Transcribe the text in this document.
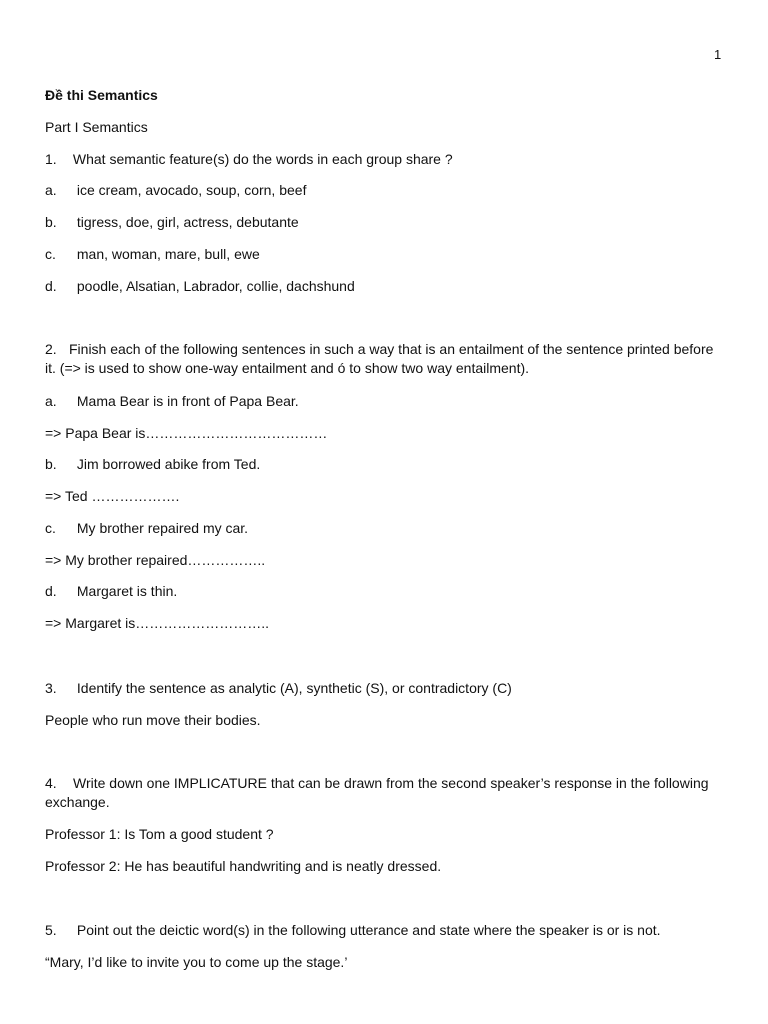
1
Đề thi Semantics
Part I Semantics
1. What semantic feature(s) do the words in each group share ?
a. ice cream, avocado, soup, corn, beef
b. tigress, doe, girl, actress, debutante
c. man, woman, mare, bull, ewe
d. poodle, Alsatian, Labrador, collie, dachshund
2. Finish each of the following sentences in such a way that is an entailment of the sentence printed before it. (=> is used to show one-way entailment and ó to show two way entailment).
a. Mama Bear is in front of Papa Bear.
=> Papa Bear is…………………………………
b. Jim borrowed abike from Ted.
=> Ted ……………….
c. My brother repaired my car.
=> My brother repaired……………..
d. Margaret is thin.
=> Margaret is………………………..
3. Identify the sentence as analytic (A), synthetic (S), or contradictory (C)
People who run move their bodies.
4. Write down one IMPLICATURE that can be drawn from the second speaker’s response in the following exchange.
Professor 1: Is Tom a good student ?
Professor 2: He has beautiful handwriting and is neatly dressed.
5. Point out the deictic word(s) in the following utterance and state where the speaker is or is not.
“Mary, I’d like to invite you to come up the stage.’
